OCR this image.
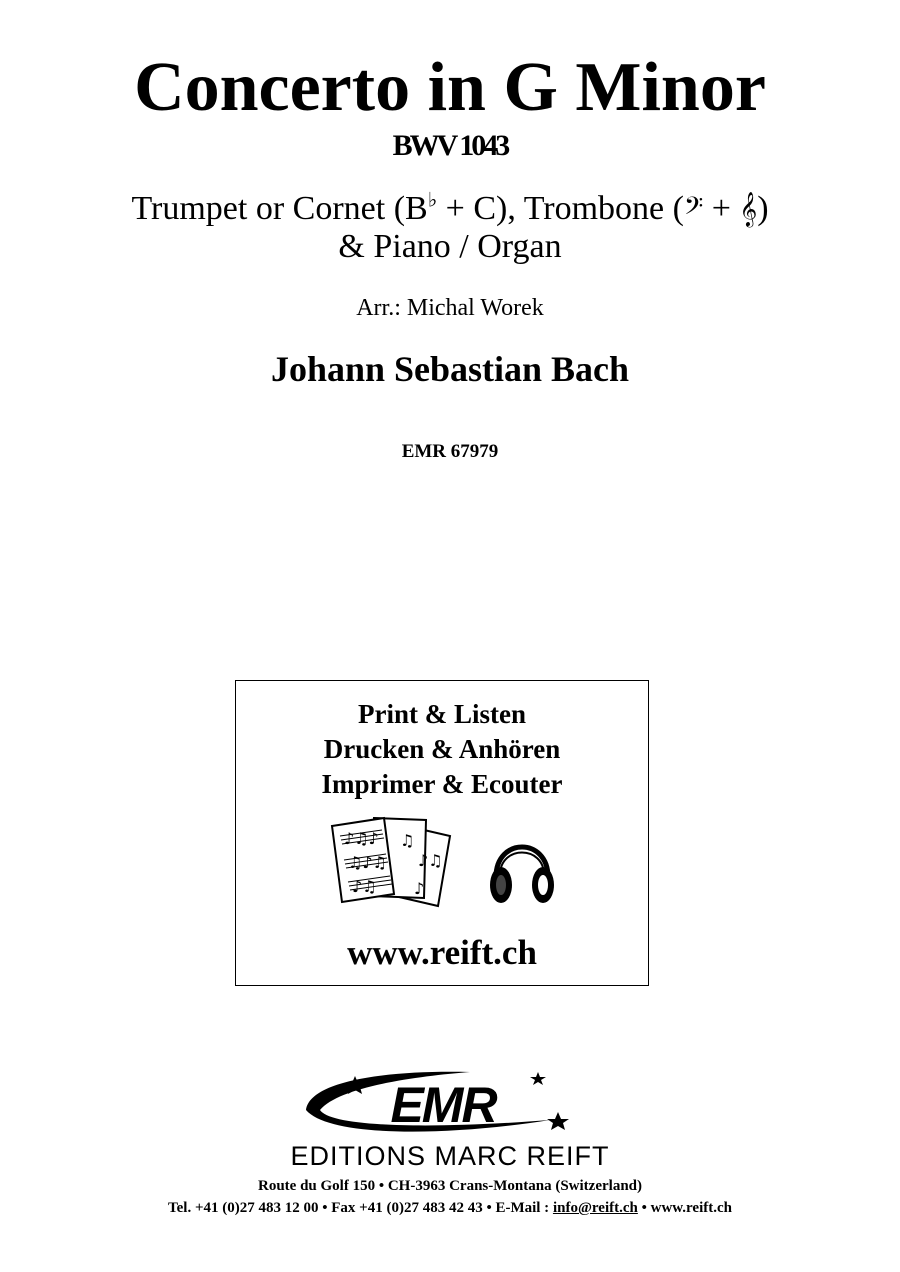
Concerto in G Minor
BWV 1043
Trumpet or Cornet (B♭ + C), Trombone (𝄢 + 𝄞)
& Piano / Organ
Arr.: Michal Worek
Johann Sebastian Bach
EMR 67979
Print & Listen
Drucken & Anhören
Imprimer & Ecouter
♪♫♪
♫♪♫
♪♫
♫
♪♫
♪
www.reift.ch
EMR
EDITIONS MARC REIFT
Route du Golf 150 • CH-3963 Crans-Montana (Switzerland)
Tel. +41 (0)27 483 12 00 • Fax +41 (0)27 483 42 43 • E-Mail : info@reift.ch • www.reift.ch
